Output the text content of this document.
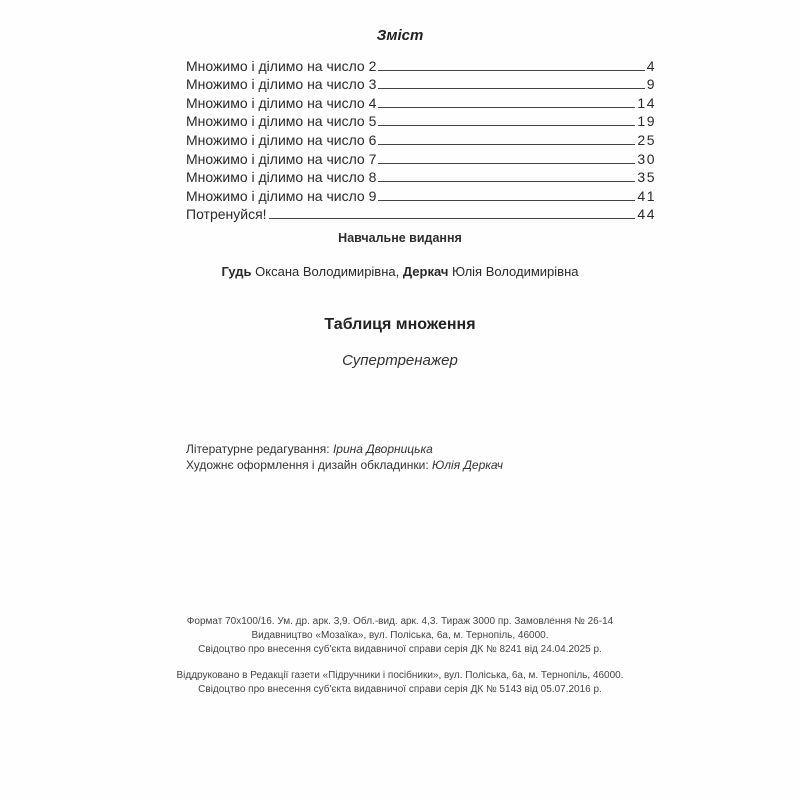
Зміст
Множимо і ділимо на число 2	4
Множимо і ділимо на число 3	9
Множимо і ділимо на число 4	14
Множимо і ділимо на число 5	19
Множимо і ділимо на число 6	25
Множимо і ділимо на число 7	30
Множимо і ділимо на число 8	35
Множимо і ділимо на число 9	41
Потренуйся!	44
Навчальне видання
Гудь Оксана Володимирівна, Деркач Юлія Володимирівна
Таблиця множення
Супертренажер
Літературне редагування: Ірина Дворницька
Художнє оформлення і дизайн обкладинки: Юлія Деркач
Формат 70x100/16. Ум. др. арк. 3,9. Обл.-вид. арк. 4,3. Тираж 3000 пр. Замовлення № 26-14
Видавництво «Мозаїка», вул. Поліська, 6а, м. Тернопіль, 46000.
Свідоцтво про внесення суб'єкта видавничої справи серія ДК № 8241 від 24.04.2025 р.
Віддруковано в Редакції газети «Підручники і посібники», вул. Поліська, 6а, м. Тернопіль, 46000.
Свідоцтво про внесення суб'єкта видавничої справи серія ДК № 5143 від 05.07.2016 р.
